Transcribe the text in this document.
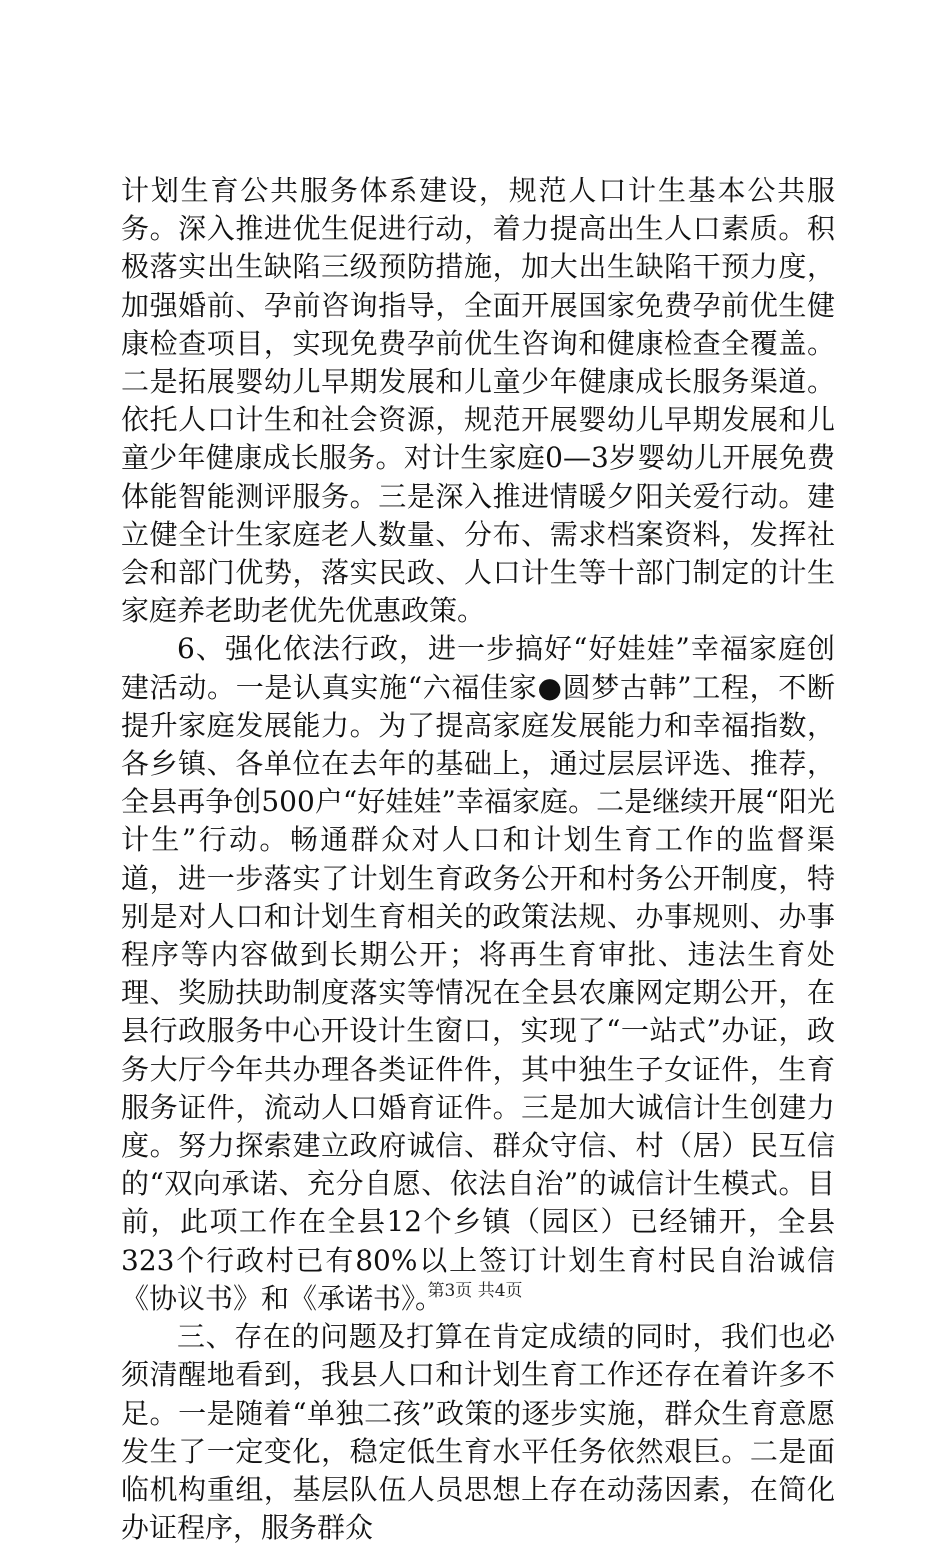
计划生育公共服务体系建设，规范人口计生基本公共服务。深入推进优生促进行动，着力提高出生人口素质。积极落实出生缺陷三级预防措施，加大出生缺陷干预力度，加强婚前、孕前咨询指导，全面开展国家免费孕前优生健康检查项目，实现免费孕前优生咨询和健康检查全覆盖。二是拓展婴幼儿早期发展和儿童少年健康成长服务渠道。依托人口计生和社会资源，规范开展婴幼儿早期发展和儿童少年健康成长服务。对计生家庭0—3岁婴幼儿开展免费体能智能测评服务。三是深入推进情暖夕阳关爱行动。建立健全计生家庭老人数量、分布、需求档案资料，发挥社会和部门优势，落实民政、人口计生等十部门制定的计生家庭养老助老优先优惠政策。

6、强化依法行政，进一步搞好“好娃娃”幸福家庭创建活动。一是认真实施“六福佳家●圆梦古韩”工程，不断提升家庭发展能力。为了提高家庭发展能力和幸福指数，各乡镇、各单位在去年的基础上，通过层层评选、推荐，全县再争创500户“好娃娃”幸福家庭。二是继续开展“阳光计生”行动。畅通群众对人口和计划生育工作的监督渠道，进一步落实了计划生育政务公开和村务公开制度，特别是对人口和计划生育相关的政策法规、办事规则、办事程序等内容做到长期公开；将再生育审批、违法生育处理、奖励扶助制度落实等情况在全县农廉网定期公开，在县行政服务中心开设计生窗口，实现了“一站式”办证，政务大厅今年共办理各类证件件，其中独生子女证件，生育服务证件，流动人口婚育证件。三是加大诚信计生创建力度。努力探索建立政府诚信、群众守信、村（居）民互信的“双向承诺、充分自愿、依法自治”的诚信计生模式。目前，此项工作在全县12个乡镇（园区）已经铺开，全县323个行政村已有80%以上签订计划生育村民自治诚信《协议书》和《承诺书》。

三、存在的问题及打算在肯定成绩的同时，我们也必须清醒地看到，我县人口和计划生育工作还存在着许多不足。一是随着“单独二孩”政策的逐步实施，群众生育意愿发生了一定变化，稳定低生育水平任务依然艰巨。二是面临机构重组，基层队伍人员思想上存在动荡因素，在简化办证程序，服务群众

第3页 共4页
